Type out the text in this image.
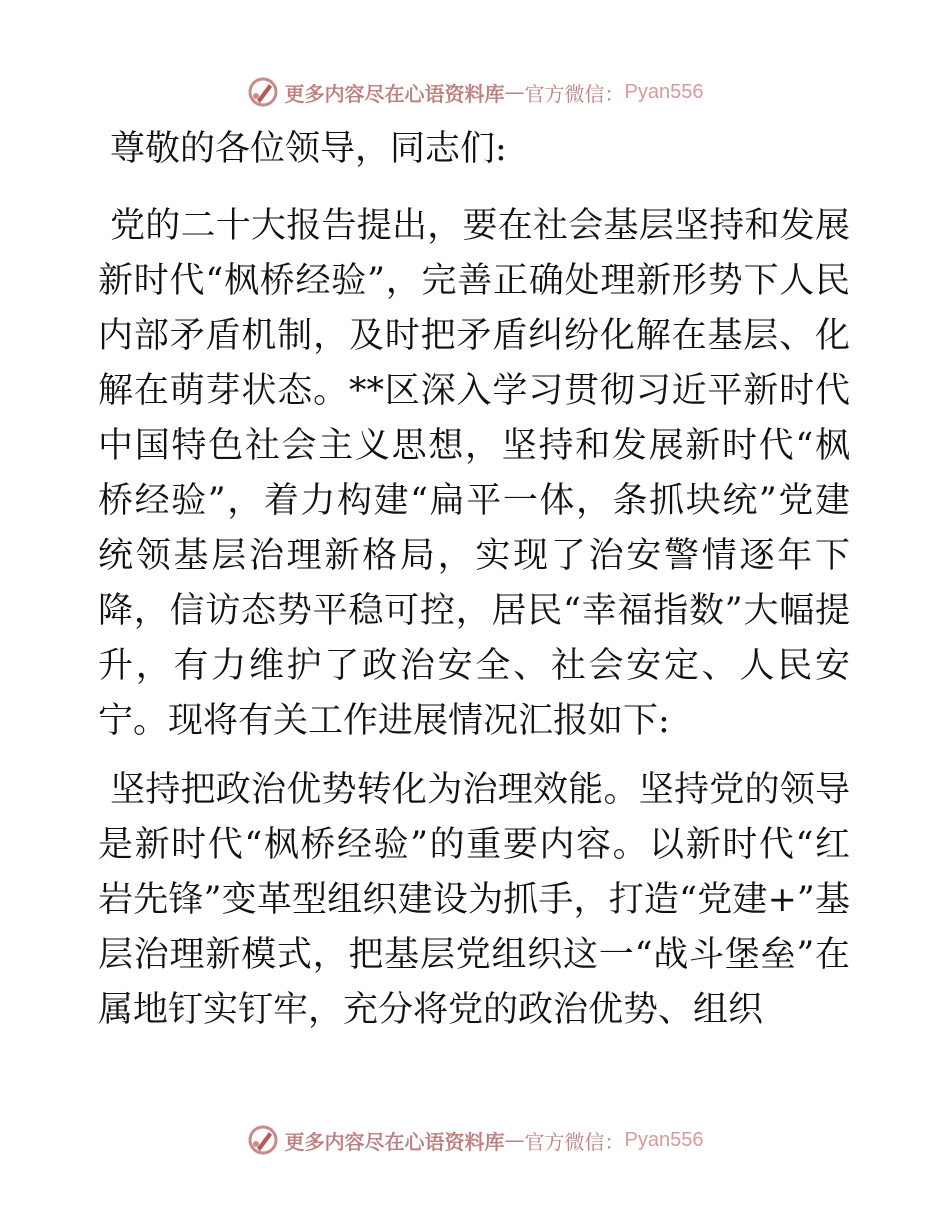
更多内容尽在心语资料库 — 官方微信： Pyan556

尊敬的各位领导，同志们:

党的二十大报告提出，要在社会基层坚持和发展新时代“枫桥经验”，完善正确处理新形势下人民内部矛盾机制，及时把矛盾纠纷化解在基层、化解在萌芽状态。**区深入学习贯彻习近平新时代中国特色社会主义思想，坚持和发展新时代“枫桥经验”，着力构建“扁平一体，条抓块统”党建统领基层治理新格局，实现了治安警情逐年下降，信访态势平稳可控，居民“幸福指数”大幅提升，有力维护了政治安全、社会安定、人民安宁。现将有关工作进展情况汇报如下:

坚持把政治优势转化为治理效能。坚持党的领导是新时代“枫桥经验”的重要内容。以新时代“红岩先锋”变革型组织建设为抓手，打造“党建+”基层治理新模式，把基层党组织这一“战斗堡垒”在属地钉实钉牢，充分将党的政治优势、组织

更多内容尽在心语资料库 — 官方微信： Pyan556
